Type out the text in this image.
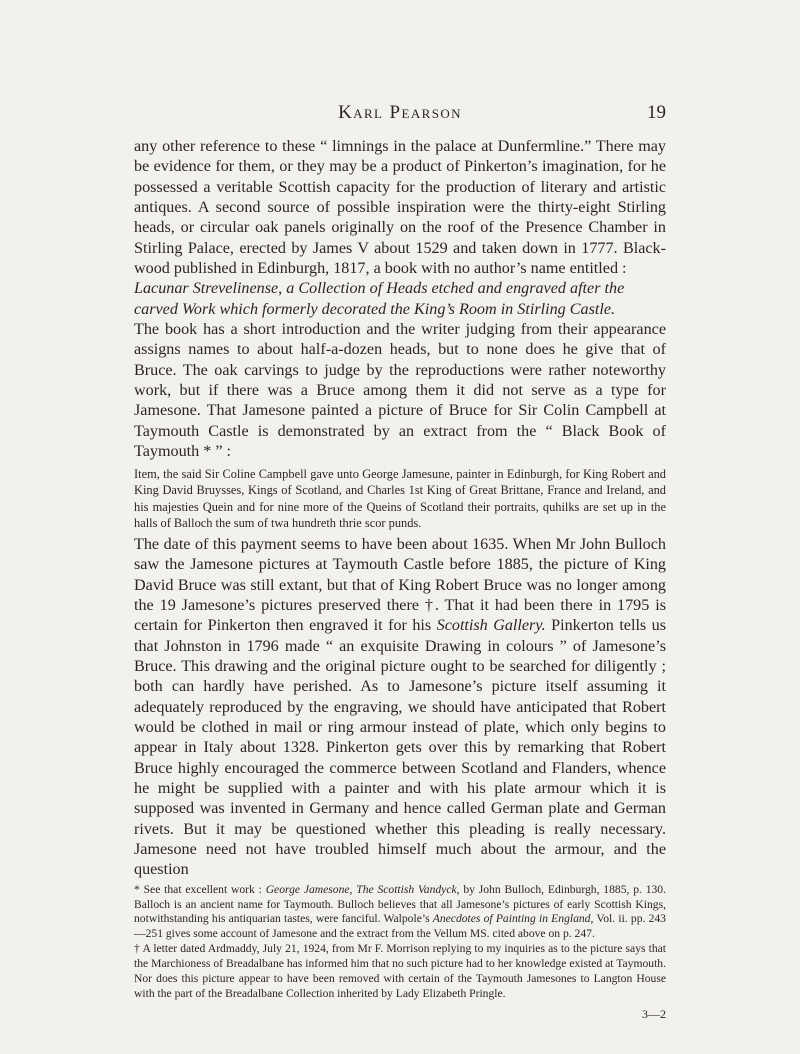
Karl Pearson	19

any other reference to these “ limnings in the palace at Dunfermline.” There may be evidence for them, or they may be a product of Pinkerton’s imagination, for he possessed a veritable Scottish capacity for the production of literary and artistic antiques. A second source of possible inspiration were the thirty-eight Stirling heads, or circular oak panels originally on the roof of the Presence Chamber in Stirling Palace, erected by James V about 1529 and taken down in 1777. Black-wood published in Edinburgh, 1817, a book with no author’s name entitled :

Lacunar Strevelinense, a Collection of Heads etched and engraved after the carved Work which formerly decorated the King’s Room in Stirling Castle.

The book has a short introduction and the writer judging from their appearance assigns names to about half-a-dozen heads, but to none does he give that of Bruce. The oak carvings to judge by the reproductions were rather noteworthy work, but if there was a Bruce among them it did not serve as a type for Jamesone. That Jamesone painted a picture of Bruce for Sir Colin Campbell at Taymouth Castle is demonstrated by an extract from the “ Black Book of Taymouth * ” :

Item, the said Sir Coline Campbell gave unto George Jamesune, painter in Edinburgh, for King Robert and King David Bruysses, Kings of Scotland, and Charles 1st King of Great Brittane, France and Ireland, and his majesties Quein and for nine more of the Queins of Scotland their portraits, quhilks are set up in the halls of Balloch the sum of twa hundreth thrie scor punds.

The date of this payment seems to have been about 1635. When Mr John Bulloch saw the Jamesone pictures at Taymouth Castle before 1885, the picture of King David Bruce was still extant, but that of King Robert Bruce was no longer among the 19 Jamesone’s pictures preserved there †. That it had been there in 1795 is certain for Pinkerton then engraved it for his Scottish Gallery. Pinkerton tells us that Johnston in 1796 made “ an exquisite Drawing in colours ” of Jamesone’s Bruce. This drawing and the original picture ought to be searched for diligently ; both can hardly have perished. As to Jamesone’s picture itself assuming it adequately reproduced by the engraving, we should have anticipated that Robert would be clothed in mail or ring armour instead of plate, which only begins to appear in Italy about 1328. Pinkerton gets over this by remarking that Robert Bruce highly encouraged the commerce between Scotland and Flanders, whence he might be supplied with a painter and with his plate armour which it is supposed was invented in Germany and hence called German plate and German rivets. But it may be questioned whether this pleading is really necessary. Jamesone need not have troubled himself much about the armour, and the question

* See that excellent work : George Jamesone, The Scottish Vandyck, by John Bulloch, Edinburgh, 1885, p. 130. Balloch is an ancient name for Taymouth. Bulloch believes that all Jamesone’s pictures of early Scottish Kings, notwithstanding his antiquarian tastes, were fanciful. Walpole’s Anecdotes of Painting in England, Vol. ii. pp. 243—251 gives some account of Jamesone and the extract from the Vellum MS. cited above on p. 247.

† A letter dated Ardmaddy, July 21, 1924, from Mr F. Morrison replying to my inquiries as to the picture says that the Marchioness of Breadalbane has informed him that no such picture had to her knowledge existed at Taymouth. Nor does this picture appear to have been removed with certain of the Taymouth Jamesones to Langton House with the part of the Breadalbane Collection inherited by Lady Elizabeth Pringle.

3—2
